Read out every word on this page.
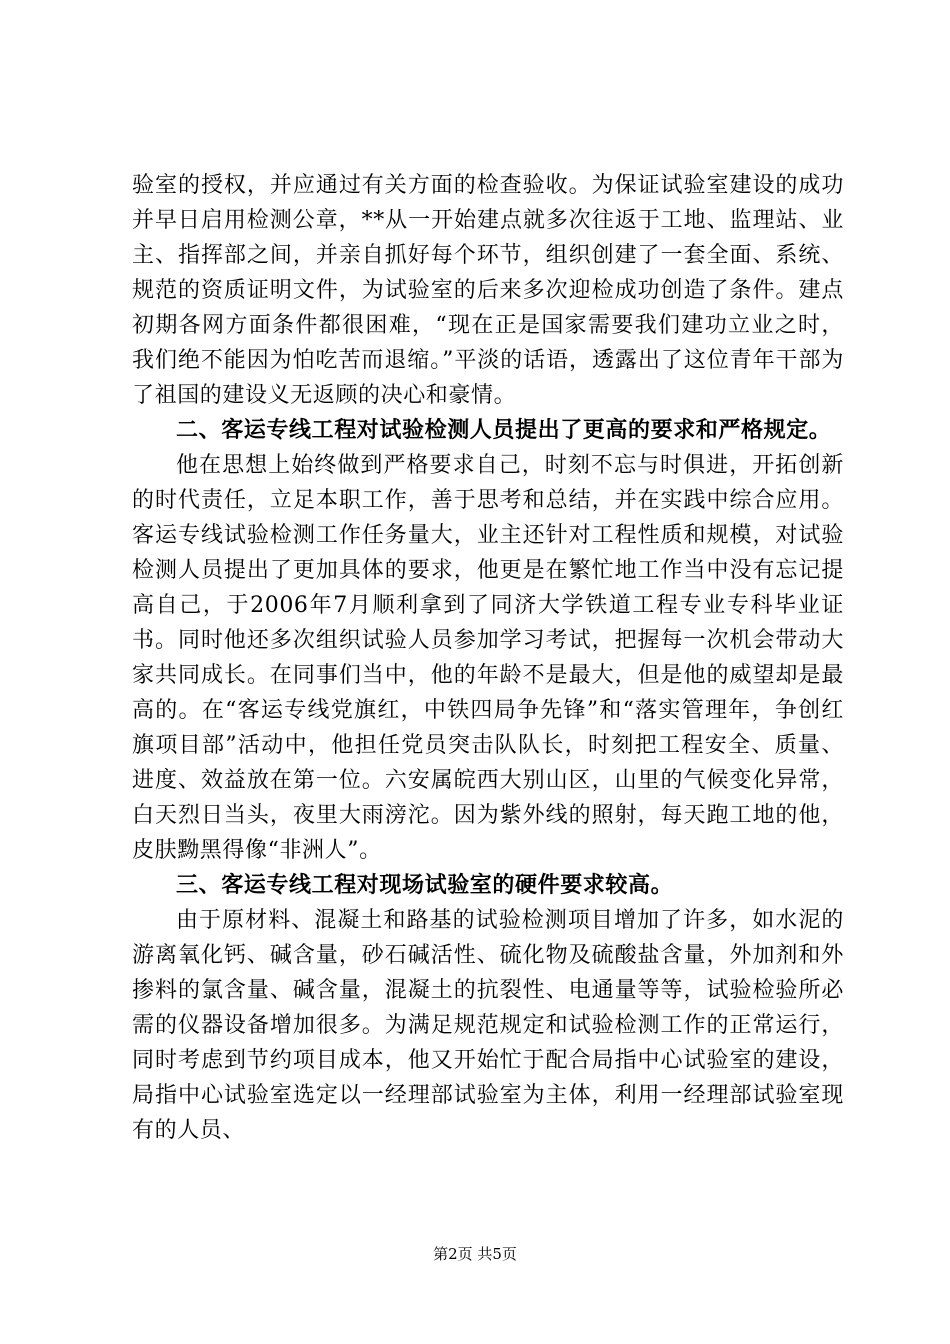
验室的授权，并应通过有关方面的检查验收。为保证试验室建设的成功并早日启用检测公章，**从一开始建点就多次往返于工地、监理站、业主、指挥部之间，并亲自抓好每个环节，组织创建了一套全面、系统、规范的资质证明文件，为试验室的后来多次迎检成功创造了条件。建点初期各网方面条件都很困难，“现在正是国家需要我们建功立业之时，我们绝不能因为怕吃苦而退缩。”平淡的话语，透露出了这位青年干部为了祖国的建设义无返顾的决心和豪情。

二、客运专线工程对试验检测人员提出了更高的要求和严格规定。

他在思想上始终做到严格要求自己，时刻不忘与时俱进，开拓创新的时代责任，立足本职工作，善于思考和总结，并在实践中综合应用。客运专线试验检测工作任务量大，业主还针对工程性质和规模，对试验检测人员提出了更加具体的要求，他更是在繁忙地工作当中没有忘记提高自己，于2006年7月顺利拿到了同济大学铁道工程专业专科毕业证书。同时他还多次组织试验人员参加学习考试，把握每一次机会带动大家共同成长。在同事们当中，他的年龄不是最大，但是他的威望却是最高的。在“客运专线党旗红，中铁四局争先锋”和“落实管理年，争创红旗项目部”活动中，他担任党员突击队队长，时刻把工程安全、质量、进度、效益放在第一位。六安属皖西大别山区，山里的气候变化异常，白天烈日当头，夜里大雨滂沱。因为紫外线的照射，每天跑工地的他，皮肤黝黑得像“非洲人”。

三、客运专线工程对现场试验室的硬件要求较高。

由于原材料、混凝土和路基的试验检测项目增加了许多，如水泥的游离氧化钙、碱含量，砂石碱活性、硫化物及硫酸盐含量，外加剂和外掺料的氯含量、碱含量，混凝土的抗裂性、电通量等等，试验检验所必需的仪器设备增加很多。为满足规范规定和试验检测工作的正常运行，同时考虑到节约项目成本，他又开始忙于配合局指中心试验室的建设，局指中心试验室选定以一经理部试验室为主体，利用一经理部试验室现有的人员、

第2页 共5页
